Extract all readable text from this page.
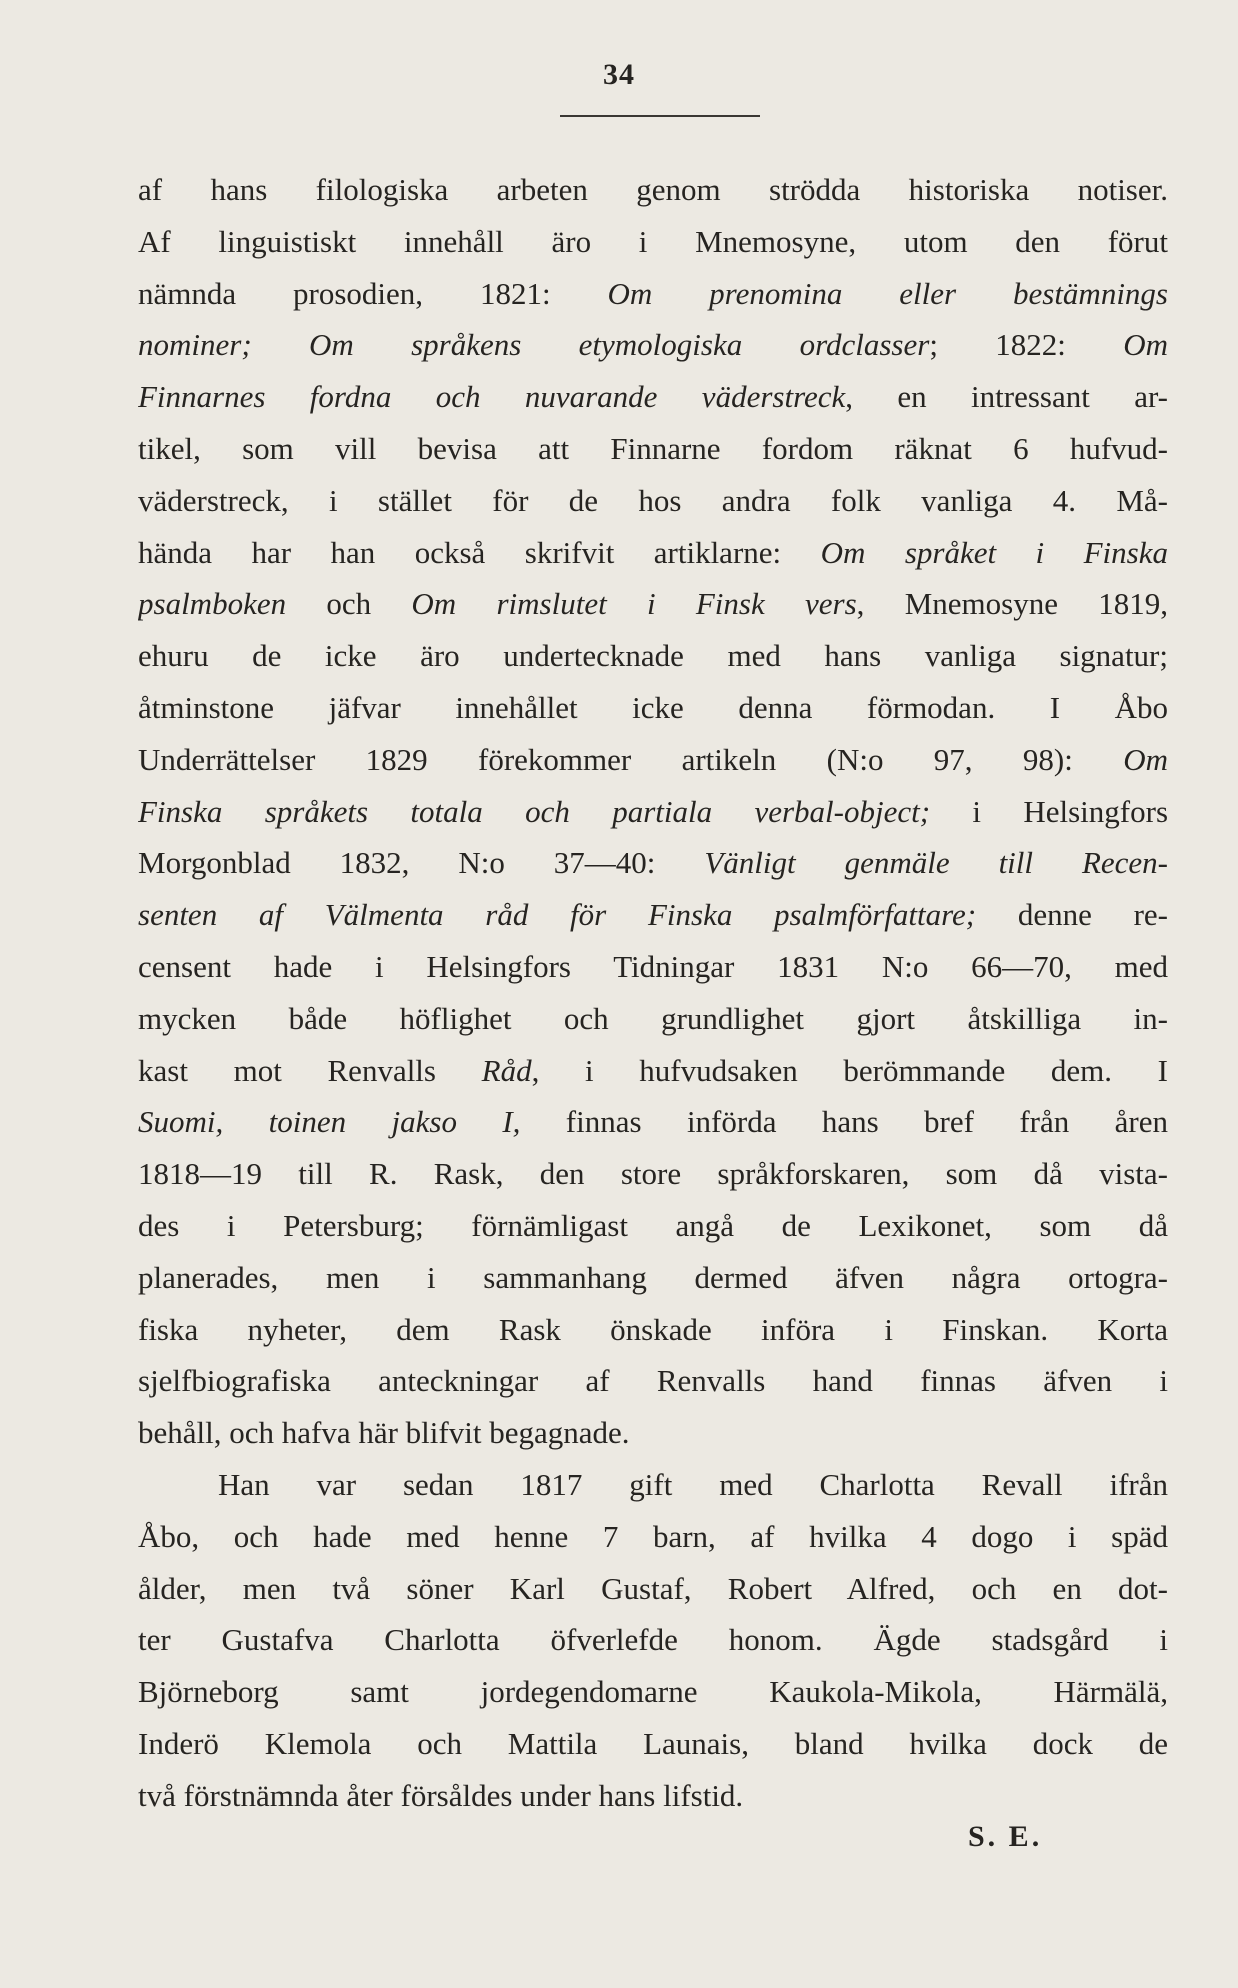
34
af hans filologiska arbeten genom strödda historiska notiser.
Af linguistiskt innehåll äro i Mnemosyne, utom den förut
nämnda prosodien, 1821: Om prenomina eller bestämnings
nominer; Om språkens etymologiska ordclasser; 1822: Om
Finnarnes fordna och nuvarande väderstreck, en intressant ar-
tikel, som vill bevisa att Finnarne fordom räknat 6 hufvud-
väderstreck, i stället för de hos andra folk vanliga 4. Må-
hända har han också skrifvit artiklarne: Om språket i Finska
psalmboken och Om rimslutet i Finsk vers, Mnemosyne 1819,
ehuru de icke äro undertecknade med hans vanliga signatur;
åtminstone jäfvar innehållet icke denna förmodan. I Åbo
Underrättelser 1829 förekommer artikeln (N:o 97, 98): Om
Finska språkets totala och partiala verbal-object; i Helsingfors
Morgonblad 1832, N:o 37—40: Vänligt genmäle till Recen-
senten af Välmenta råd för Finska psalmförfattare; denne re-
censent hade i Helsingfors Tidningar 1831 N:o 66—70, med
mycken både höflighet och grundlighet gjort åtskilliga in-
kast mot Renvalls Råd, i hufvudsaken berömmande dem. I
Suomi, toinen jakso I, finnas införda hans bref från åren
1818—19 till R. Rask, den store språkforskaren, som då vista-
des i Petersburg; förnämligast angå de Lexikonet, som då
planerades, men i sammanhang dermed äfven några ortogra-
fiska nyheter, dem Rask önskade införa i Finskan. Korta
sjelfbiografiska anteckningar af Renvalls hand finnas äfven i
behåll, och hafva här blifvit begagnade.
Han var sedan 1817 gift med Charlotta Revall ifrån
Åbo, och hade med henne 7 barn, af hvilka 4 dogo i späd
ålder, men två söner Karl Gustaf, Robert Alfred, och en dot-
ter Gustafva Charlotta öfverlefde honom. Ägde stadsgård i
Björneborg samt jordegendomarne Kaukola-Mikola, Härmälä,
Inderö Klemola och Mattila Launais, bland hvilka dock de
två förstnämnda åter försåldes under hans lifstid.
S. E.
